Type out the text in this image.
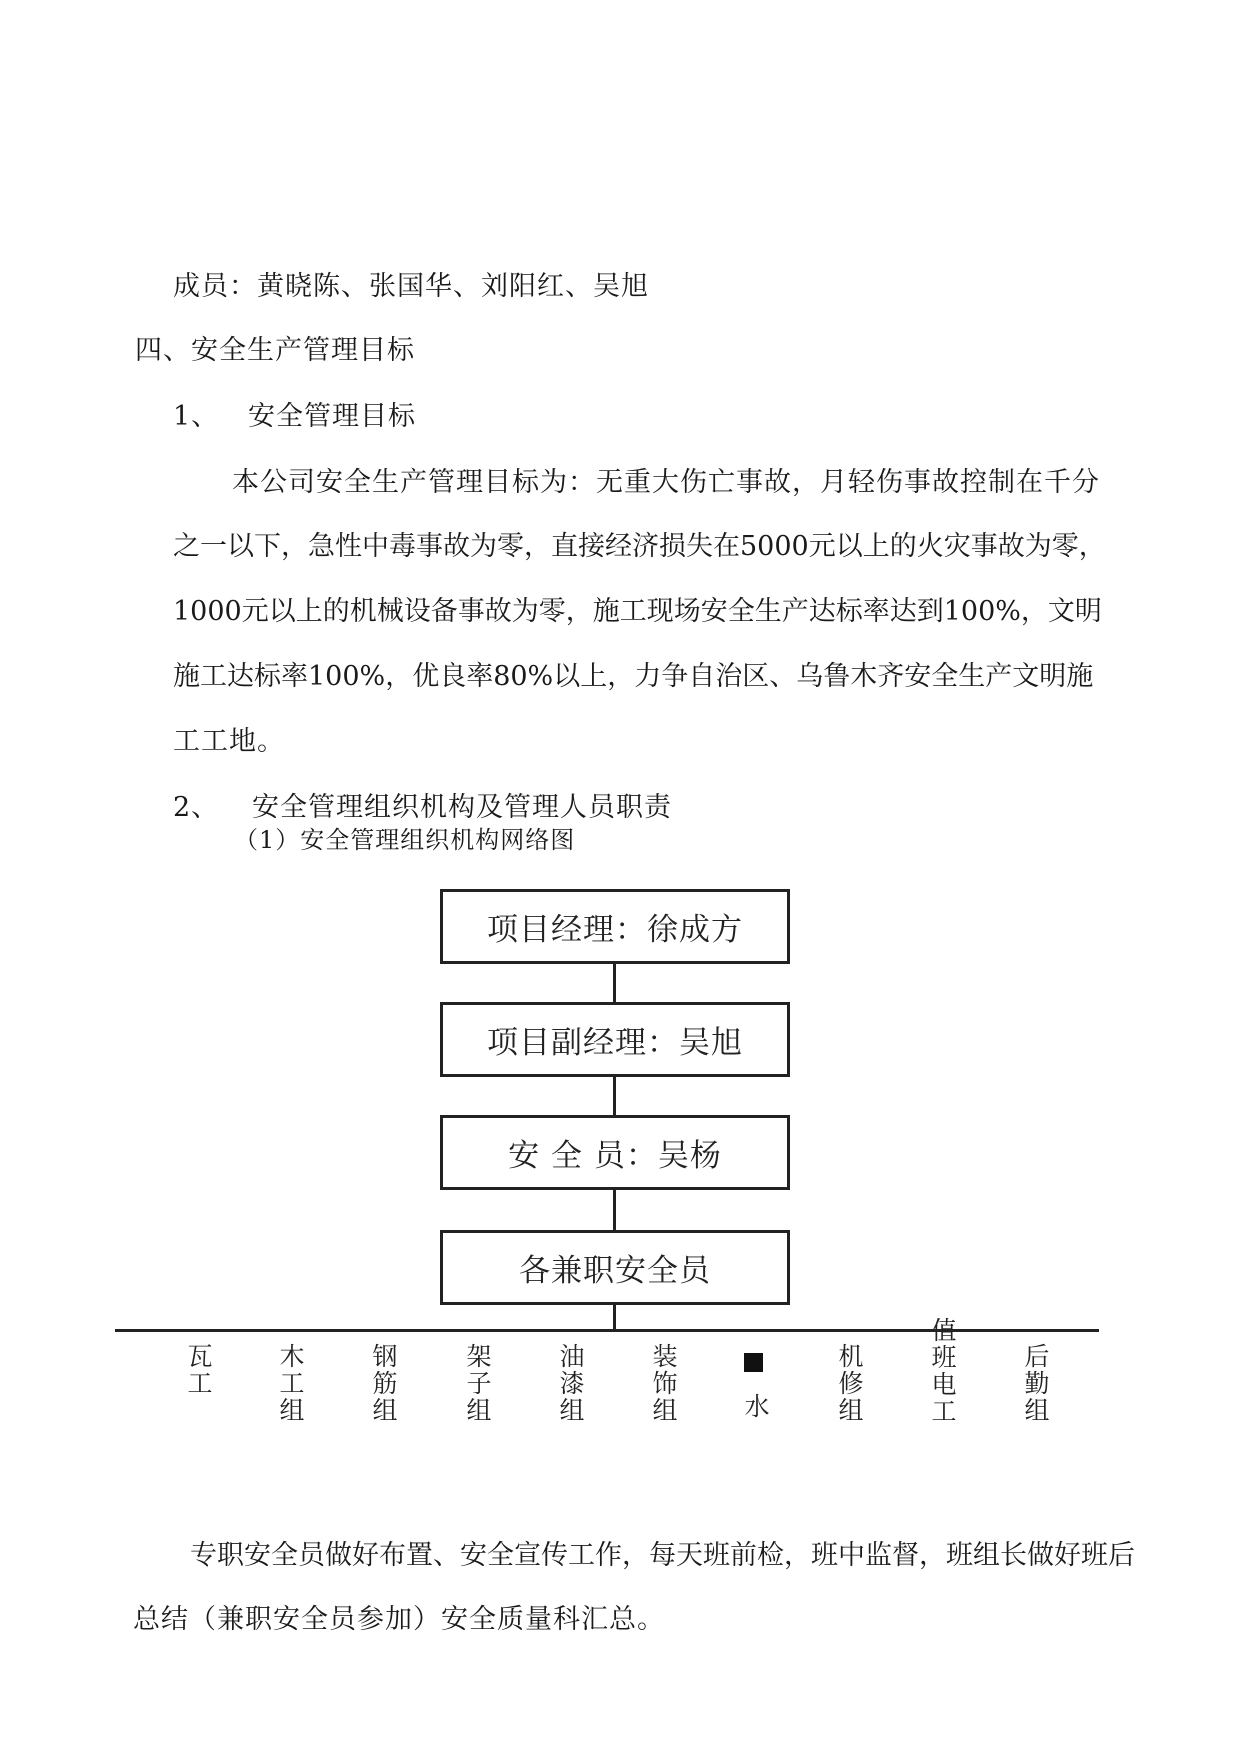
成员：黄晓陈、张国华、刘阳红、吴旭
四、安全生产管理目标
1、 安全管理目标
本公司安全生产管理目标为：无重大伤亡事故，月轻伤事故控制在千分
之一以下，急性中毒事故为零，直接经济损失在5000元以上的火灾事故为零，
1000元以上的机械设备事故为零，施工现场安全生产达标率达到100%，文明
施工达标率100%，优良率80%以上，力争自治区、乌鲁木齐安全生产文明施
工工地。
2、 安全管理组织机构及管理人员职责
（1）安全管理组织机构网络图
项目经理：徐成方
项目副经理：吴旭
安 全 员：吴杨
各兼职安全员
瓦工	木工组	钢筋组	架子组	油漆组	装饰组	水	机修组	值班电工	后勤组
专职安全员做好布置、安全宣传工作，每天班前检，班中监督，班组长做好班后
总结（兼职安全员参加）安全质量科汇总。
